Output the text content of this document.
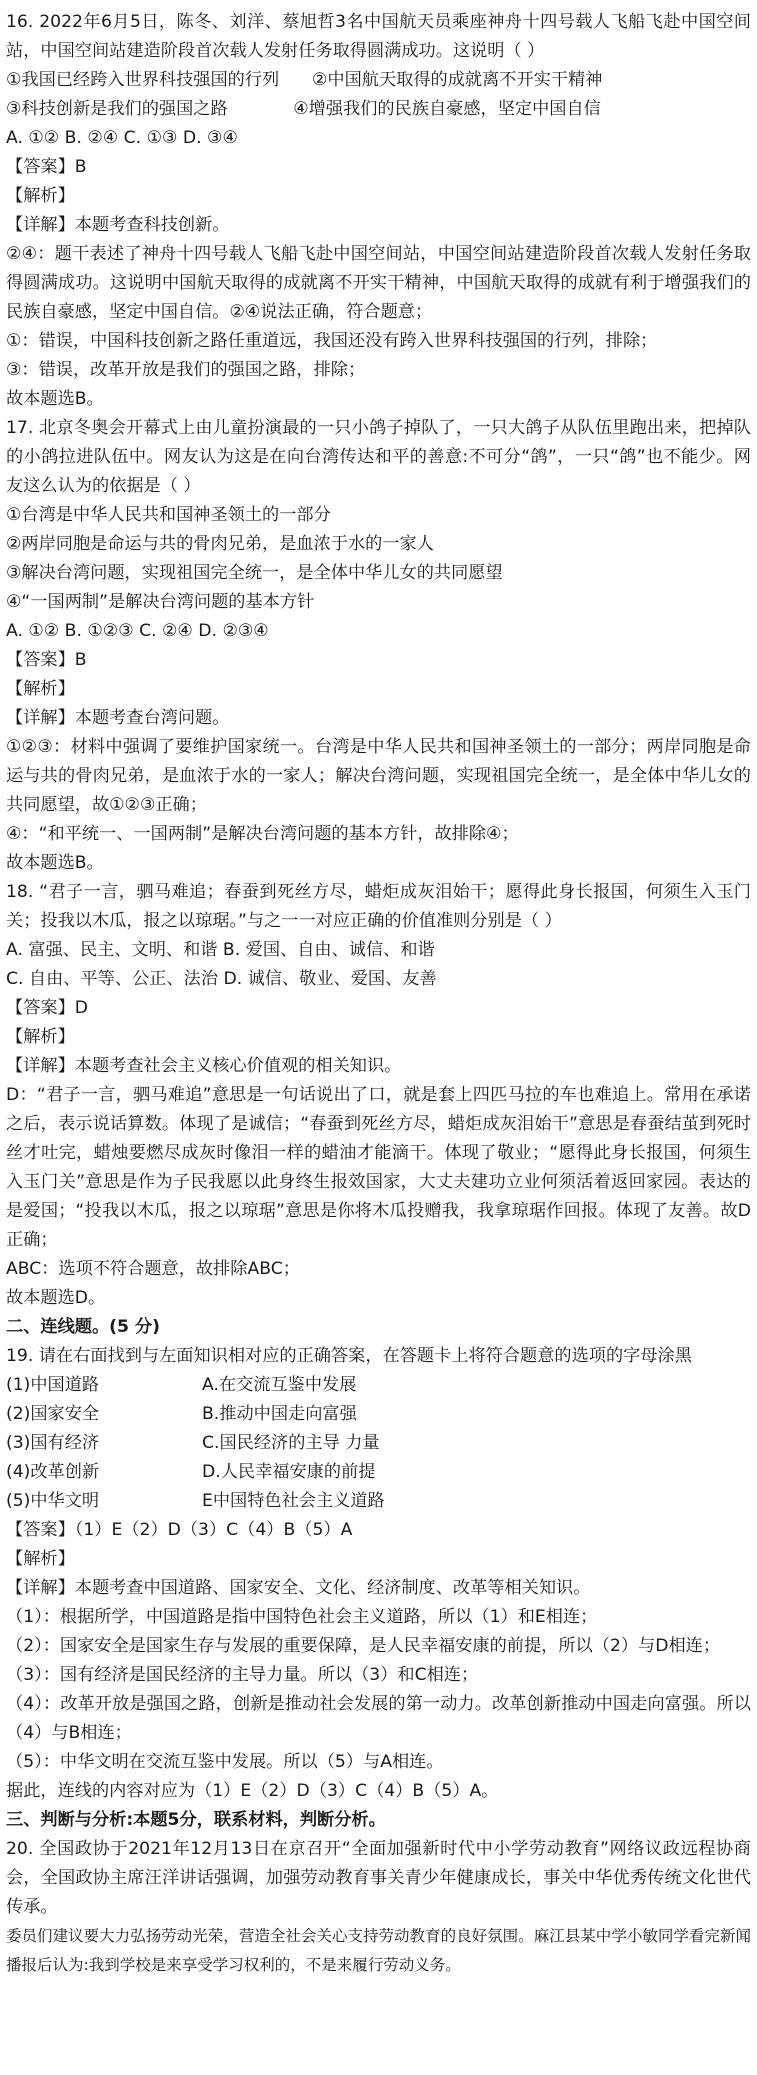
16. 2022年6月5日，陈冬、刘洋、蔡旭哲3名中国航天员乘座神舟十四号载人飞船飞赴中国空间站，中国空间站建造阶段首次载人发射任务取得圆满成功。这说明（ ）
①我国已经跨入世界科技强国的行列      ②中国航天取得的成就离不开实干精神
③科技创新是我们的强国之路            ④增强我们的民族自豪感，坚定中国自信
A. ①② B. ②④ C. ①③ D. ③④
【答案】B
【解析】
【详解】本题考查科技创新。
②④：题干表述了神舟十四号载人飞船飞赴中国空间站，中国空间站建造阶段首次载人发射任务取得圆满成功。这说明中国航天取得的成就离不开实干精神，中国航天取得的成就有利于增强我们的民族自豪感，坚定中国自信。②④说法正确，符合题意；
①：错误，中国科技创新之路任重道远，我国还没有跨入世界科技强国的行列，排除；
③：错误，改革开放是我们的强国之路，排除；
故本题选B。
17. 北京冬奥会开幕式上由儿童扮演最的一只小鸽子掉队了，一只大鸽子从队伍里跑出来，把掉队的小鸽拉进队伍中。网友认为这是在向台湾传达和平的善意:不可分“鸽”，一只“鸽”也不能少。网友这么认为的依据是（ ）
①台湾是中华人民共和国神圣领土的一部分
②两岸同胞是命运与共的骨肉兄弟，是血浓于水的一家人
③解决台湾问题，实现祖国完全统一，是全体中华儿女的共同愿望
④“一国两制”是解决台湾问题的基本方针
A. ①② B. ①②③ C. ②④ D. ②③④
【答案】B
【解析】
【详解】本题考查台湾问题。
①②③：材料中强调了要维护国家统一。台湾是中华人民共和国神圣领土的一部分；两岸同胞是命运与共的骨肉兄弟，是血浓于水的一家人；解决台湾问题，实现祖国完全统一，是全体中华儿女的共同愿望，故①②③正确；
④：“和平统一、一国两制”是解决台湾问题的基本方针，故排除④；
故本题选B。
18. “君子一言，驷马难追；春蚕到死丝方尽，蜡炬成灰泪始干；愿得此身长报国，何须生入玉门关；投我以木瓜，报之以琼琚。”与之一一对应正确的价值准则分别是（ ）
A. 富强、民主、文明、和谐 B. 爱国、自由、诚信、和谐
C. 自由、平等、公正、法治 D. 诚信、敬业、爱国、友善
【答案】D
【解析】
【详解】本题考查社会主义核心价值观的相关知识。
D：“君子一言，驷马难追”意思是一句话说出了口，就是套上四匹马拉的车也难追上。常用在承诺之后，表示说话算数。体现了是诚信；“春蚕到死丝方尽，蜡炬成灰泪始干”意思是春蚕结茧到死时丝才吐完，蜡烛要燃尽成灰时像泪一样的蜡油才能滴干。体现了敬业；“愿得此身长报国，何须生入玉门关”意思是作为子民我愿以此身终生报效国家，大丈夫建功立业何须活着返回家园。表达的是爱国；“投我以木瓜，报之以琼琚”意思是你将木瓜投赠我，我拿琼琚作回报。体现了友善。故D正确；
ABC：选项不符合题意，故排除ABC；
故本题选D。
二、连线题。(5 分)
19. 请在右面找到与左面知识相对应的正确答案，在答题卡上将符合题意的选项的字母涂黑
(1)中国道路	A.在交流互鉴中发展
(2)国家安全	B.推动中国走向富强
(3)国有经济	C.国民经济的主导 力量
(4)改革创新	D.人民幸福安康的前提
(5)中华文明	E中国特色社会主义道路
【答案】（1）E（2）D（3）C（4）B（5）A
【解析】
【详解】本题考查中国道路、国家安全、文化、经济制度、改革等相关知识。
（1）：根据所学，中国道路是指中国特色社会主义道路，所以（1）和E相连；
（2）：国家安全是国家生存与发展的重要保障，是人民幸福安康的前提，所以（2）与D相连；
（3）：国有经济是国民经济的主导力量。所以（3）和C相连；
（4）：改革开放是强国之路，创新是推动社会发展的第一动力。改革创新推动中国走向富强。所以（4）与B相连；
（5）：中华文明在交流互鉴中发展。所以（5）与A相连。
据此，连线的内容对应为（1）E（2）D（3）C（4）B（5）A。
三、判断与分析:本题5分，联系材料，判断分析。
20. 全国政协于2021年12月13日在京召开“全面加强新时代中小学劳动教育”网络议政远程协商会，全国政协主席汪洋讲话强调，加强劳动教育事关青少年健康成长，事关中华优秀传统文化世代传承。
委员们建议要大力弘扬劳动光荣，营造全社会关心支持劳动教育的良好氛围。麻江县某中学小敏同学看完新闻播报后认为:我到学校是来享受学习权利的，不是来履行劳动义务。
